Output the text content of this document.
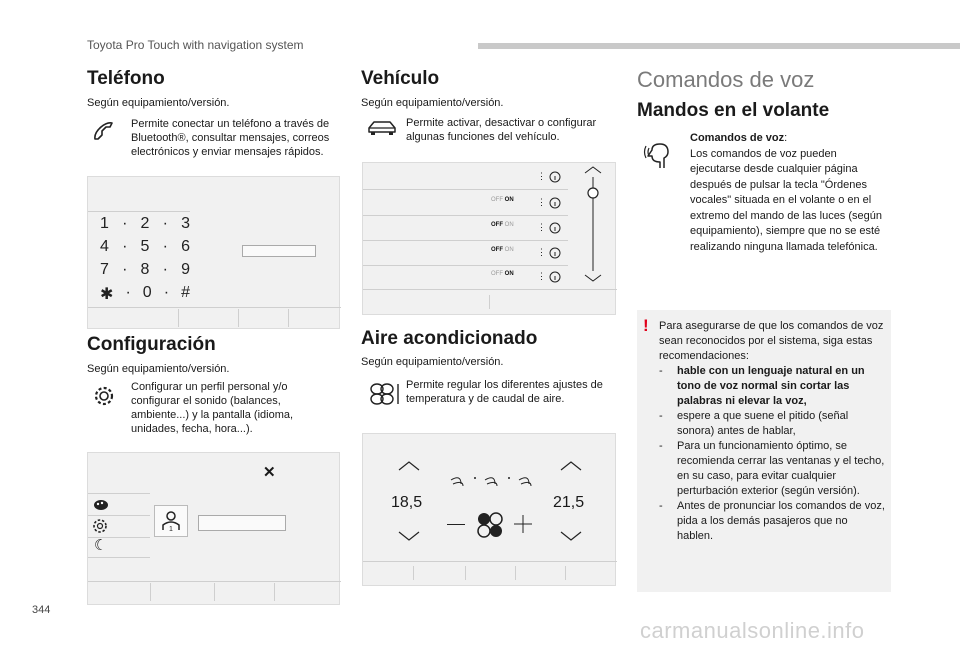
Toyota Pro Touch with navigation system
Teléfono
Según equipamiento/versión.
Permite conectar un teléfono a través de Bluetooth®, consultar mensajes, correos electrónicos y enviar mensajes rápidos.
1 · 2 · 3
4 · 5 · 6
7 · 8 · 9
✱ · 0 · #
Configuración
Según equipamiento/versión.
Configurar un perfil personal y/o configurar el sonido (balances, ambiente...) y la pantalla (idioma, unidades, fecha, hora...).
✕
☾
1
Vehículo
Según equipamiento/versión.
Permite activar, desactivar o configurar algunas funciones del vehículo.
⋮
OFF ON	⋮
OFF ON	⋮
OFF ON	⋮
OFF ON	⋮
Aire acondicionado
Según equipamiento/versión.
Permite regular los diferentes ajustes de temperatura y de caudal de aire.
18,5	21,5
Comandos de voz
Mandos en el volante
Comandos de voz:
Los comandos de voz pueden ejecutarse desde cualquier página después de pulsar la tecla "Órdenes vocales" situada en el volante o en el extremo del mando de las luces (según equipamiento), siempre que no se esté realizando ninguna llamada telefónica.
! Para asegurarse de que los comandos de voz sean reconocidos por el sistema, siga estas recomendaciones:
-	hable con un lenguaje natural en un tono de voz normal sin cortar las palabras ni elevar la voz,
-	espere a que suene el pitido (señal sonora) antes de hablar,
-	Para un funcionamiento óptimo, se recomienda cerrar las ventanas y el techo, en su caso, para evitar cualquier perturbación exterior (según versión).
-	Antes de pronunciar los comandos de voz, pida a los demás pasajeros que no hablen.
344
carmanualsonline.info
